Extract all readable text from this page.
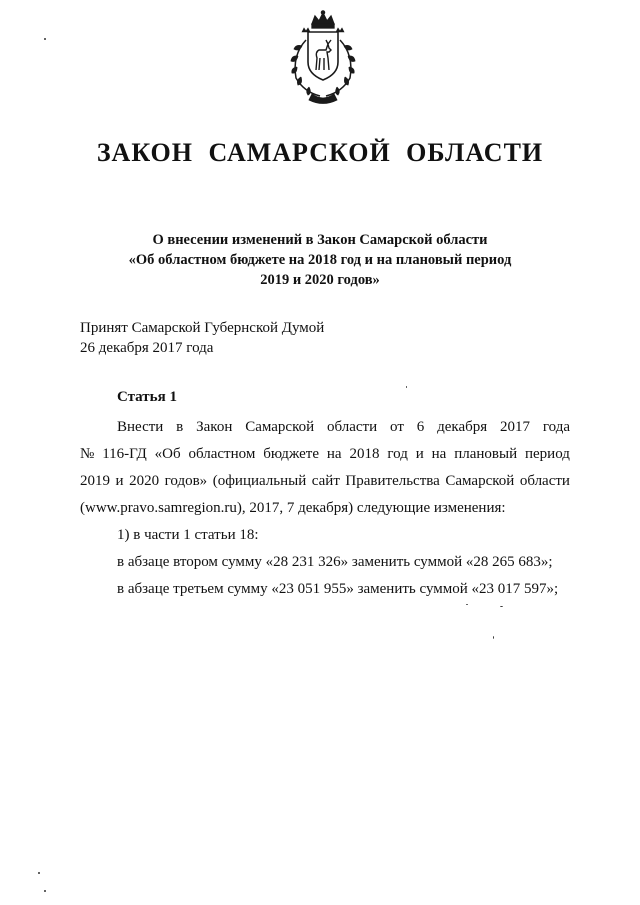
ЗАКОН САМАРСКОЙ ОБЛАСТИ
О внесении изменений в Закон Самарской области
«Об областном бюджете на 2018 год и на плановый период
2019 и 2020 годов»
Принят Самарской Губернской Думой
26 декабря 2017 года
Статья 1
Внести в Закон Самарской области от 6 декабря 2017 года
№ 116-ГД «Об областном бюджете на 2018 год и на плановый период
2019 и 2020 годов» (официальный сайт Правительства Самарской области
(www.pravo.samregion.ru), 2017, 7 декабря) следующие изменения:
1) в части 1 статьи 18:
в абзаце втором сумму «28 231 326» заменить суммой «28 265 683»;
в абзаце третьем сумму «23 051 955» заменить суммой «23 017 597»;
